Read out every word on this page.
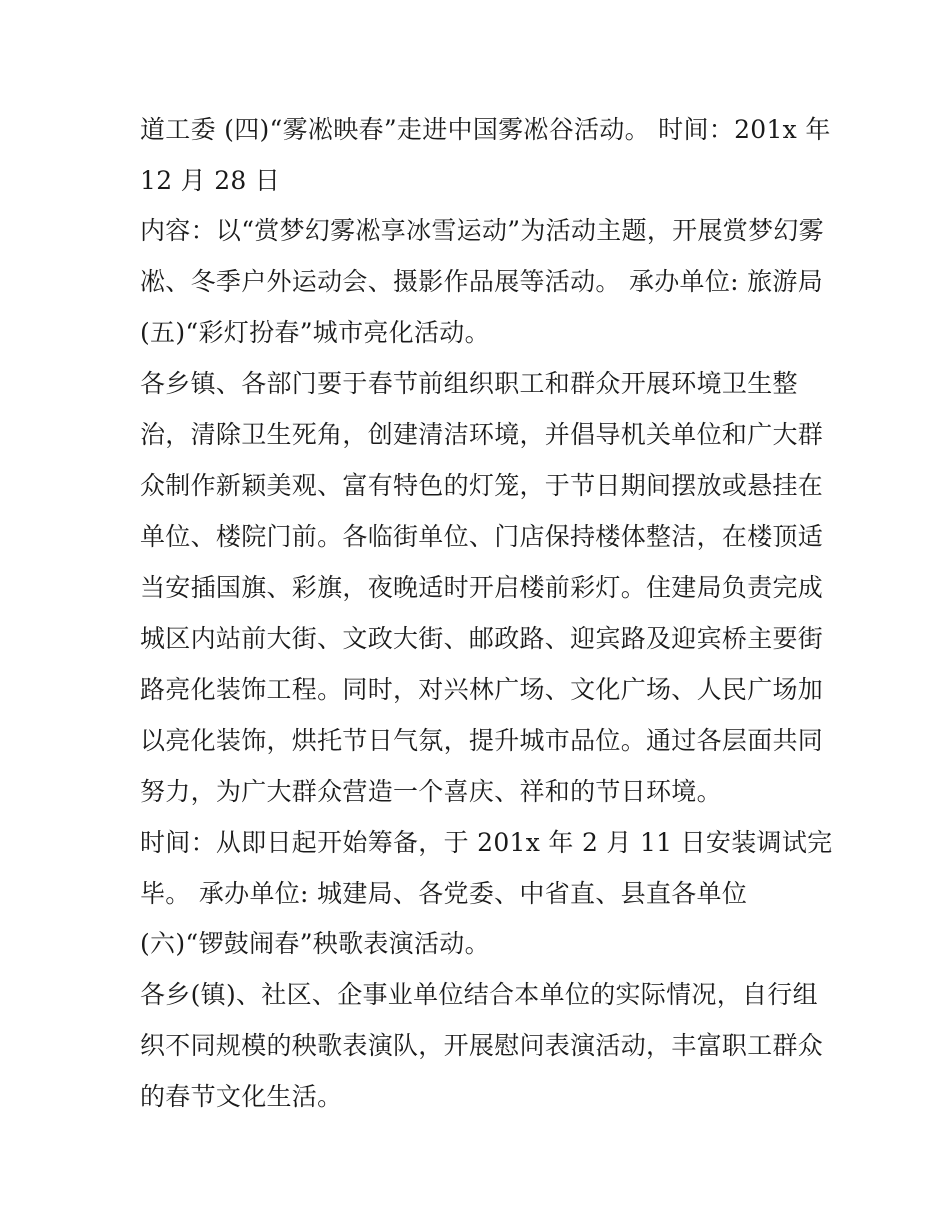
道工委 (四)“雾凇映春”走进中国雾凇谷活动。 时间：201x 年

12 月 28 日

内容：以“赏梦幻雾凇享冰雪运动”为活动主题，开展赏梦幻雾

凇、冬季户外运动会、摄影作品展等活动。 承办单位: 旅游局

(五)“彩灯扮春”城市亮化活动。

各乡镇、各部门要于春节前组织职工和群众开展环境卫生整

治，清除卫生死角，创建清洁环境，并倡导机关单位和广大群

众制作新颖美观、富有特色的灯笼，于节日期间摆放或悬挂在

单位、楼院门前。各临街单位、门店保持楼体整洁，在楼顶适

当安插国旗、彩旗，夜晚适时开启楼前彩灯。住建局负责完成

城区内站前大街、文政大街、邮政路、迎宾路及迎宾桥主要街

路亮化装饰工程。同时，对兴林广场、文化广场、人民广场加

以亮化装饰，烘托节日气氛，提升城市品位。通过各层面共同

努力，为广大群众营造一个喜庆、祥和的节日环境。

时间：从即日起开始筹备，于 201x 年 2 月 11 日安装调试完

毕。 承办单位: 城建局、各党委、中省直、县直各单位

(六)“锣鼓闹春”秧歌表演活动。

各乡(镇)、社区、企事业单位结合本单位的实际情况，自行组

织不同规模的秧歌表演队，开展慰问表演活动，丰富职工群众

的春节文化生活。
